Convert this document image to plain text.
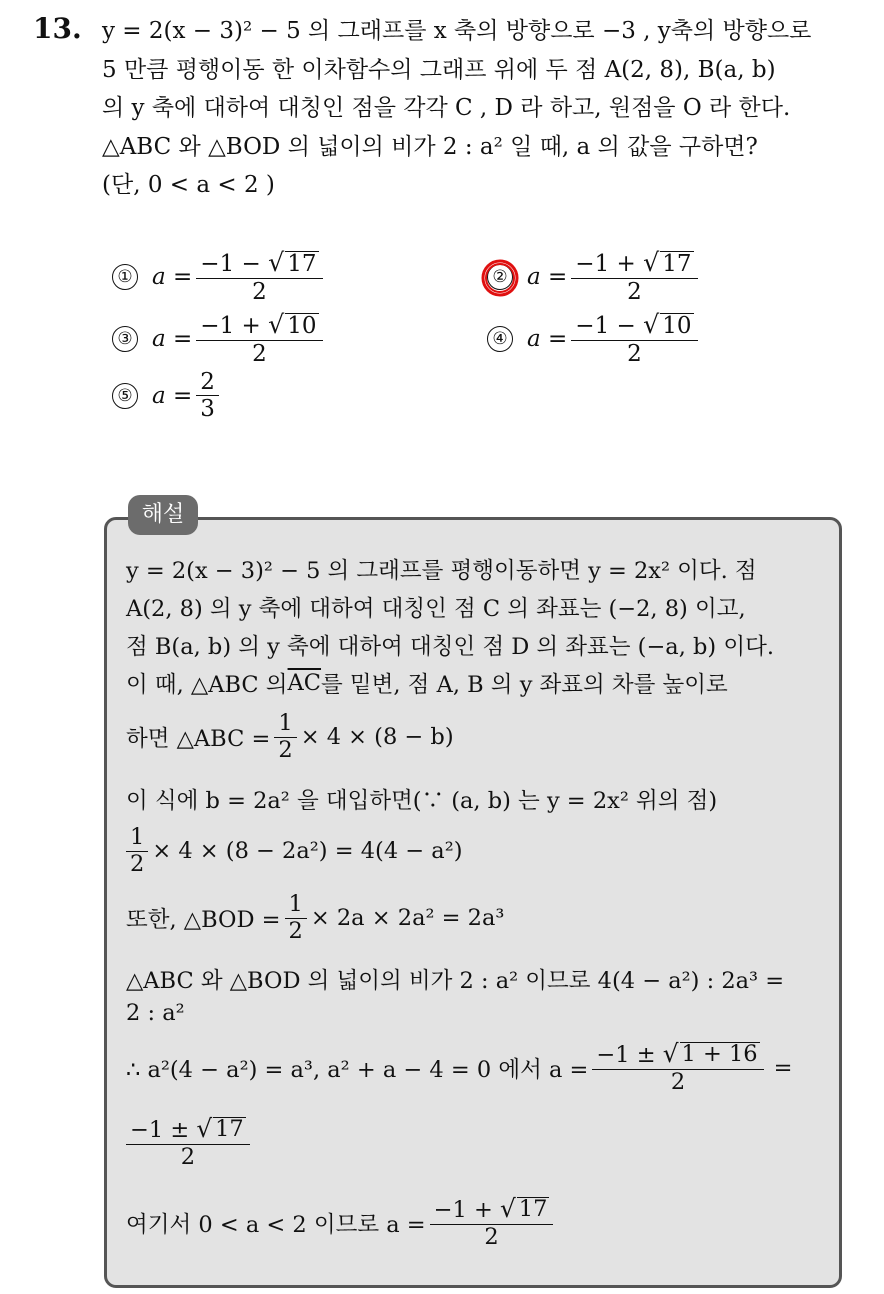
13. y = 2(x − 3)² − 5 의 그래프를 x 축의 방향으로 −3 , y축의 방향으로
5 만큼 평행이동 한 이차함수의 그래프 위에 두 점 A(2, 8), B(a, b)
의 y 축에 대하여 대칭인 점을 각각 C , D 라 하고, 원점을 O 라 한다.
△ABC 와 △BOD 의 넓이의 비가 2 : a² 일 때, a 의 값을 구하면?
(단, 0 < a < 2 )
① $a = \frac{-1 - √ 17}{2}$	② $a = \frac{-1 + √ 17}{2}$
③ $a = \frac{-1 + √ 10}{2}$	④ $a = \frac{-1 - √ 10}{2}$
⑤ $a = \frac{2}{3}$
해설
y = 2(x − 3)² − 5 의 그래프를 평행이동하면 y = 2x² 이다. 점
A(2, 8) 의 y 축에 대하여 대칭인 점 C 의 좌표는 (−2, 8) 이고,
점 B(a, b) 의 y 축에 대하여 대칭인 점 D 의 좌표는 (−a, b) 이다.
이 때, △ABC 의 $\overline{AC}$ 를 밑변, 점 A, B 의 y 좌표의 차를 높이로
하면 △ABC = $\frac{1}{2} \times 4 \times (8 - b)$
이 식에 b = 2a² 을 대입하면(∵ (a, b) 는 y = 2x² 위의 점)
$\frac{1}{2} \times 4 \times (8 - 2a^2) = 4(4 - a^2)$
또한, △BOD = $\frac{1}{2} \times 2a \times 2a^2 = 2a^3$
△ABC 와 △BOD 의 넓이의 비가 2 : a² 이므로 4(4 − a²) : 2a³ =
2 : a²
∴ a²(4 − a²) = a³, a² + a − 4 = 0 에서 $a = \frac{-1 \pm √ 1 + 16}{2}$ =
$\frac{-1 \pm √ 17}{2}$
여기서 0 < a < 2 이므로 $a = \frac{-1 + √ 17}{2}$
